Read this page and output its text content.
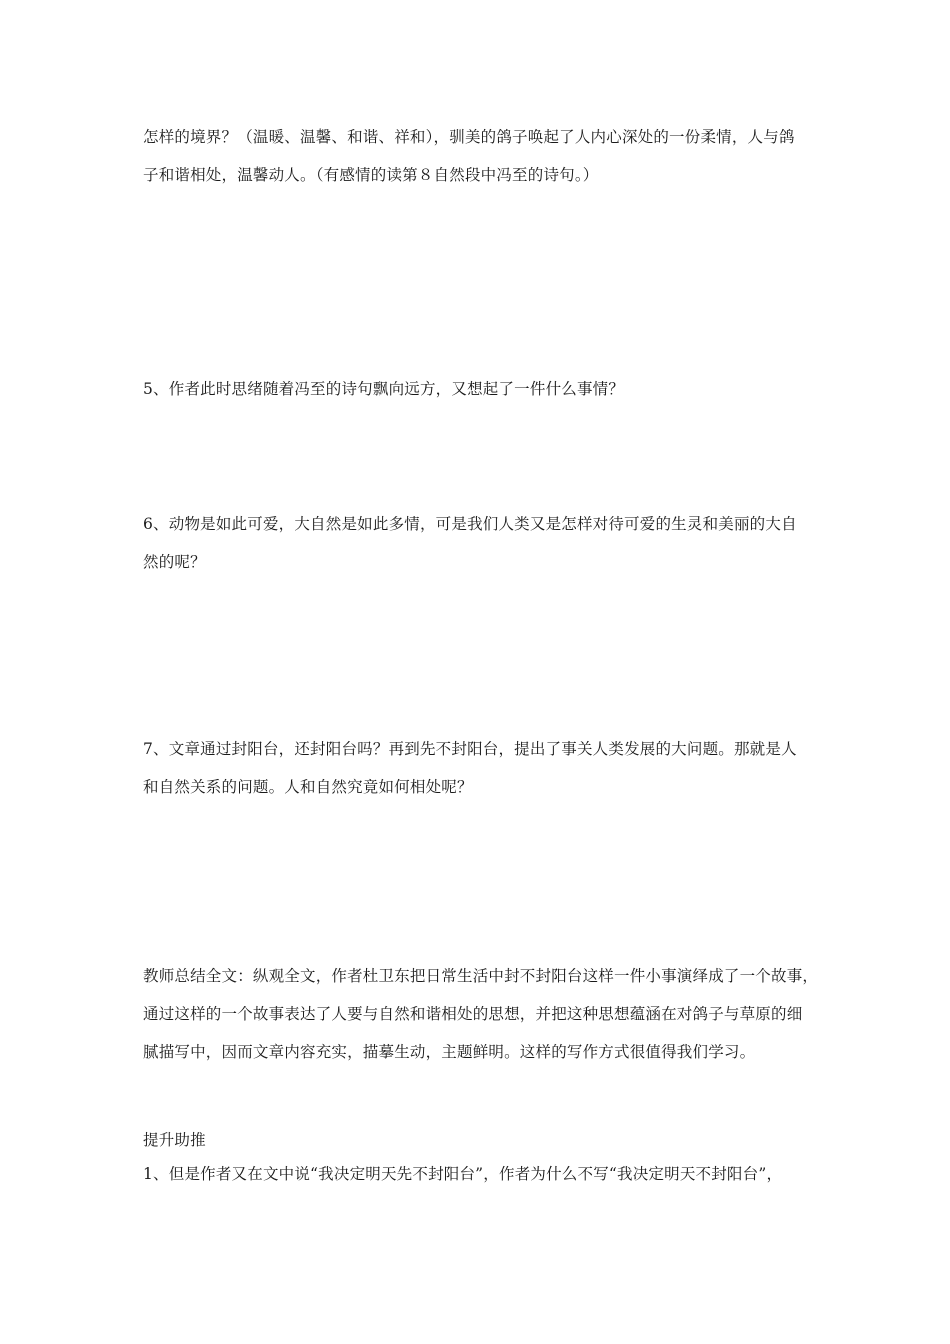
怎样的境界？（温暖、温馨、和谐、祥和），驯美的鸽子唤起了人内心深处的一份柔情，人与鸽
子和谐相处，温馨动人。（有感情的读第８自然段中冯至的诗句。）
5、作者此时思绪随着冯至的诗句飘向远方，又想起了一件什么事情？
6、动物是如此可爱，大自然是如此多情，可是我们人类又是怎样对待可爱的生灵和美丽的大自
然的呢？
7、文章通过封阳台，还封阳台吗？再到先不封阳台，提出了事关人类发展的大问题。那就是人
和自然关系的问题。人和自然究竟如何相处呢？
教师总结全文：纵观全文，作者杜卫东把日常生活中封不封阳台这样一件小事演绎成了一个故事，
通过这样的一个故事表达了人要与自然和谐相处的思想，并把这种思想蕴涵在对鸽子与草原的细
腻描写中，因而文章内容充实，描摹生动，主题鲜明。这样的写作方式很值得我们学习。
提升助推
1、但是作者又在文中说“我决定明天先不封阳台”，作者为什么不写“我决定明天不封阳台”，
